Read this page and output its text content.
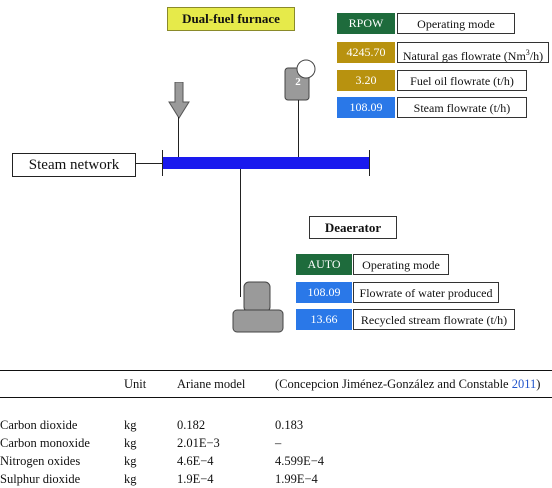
Dual-fuel furnace	RPOW	Operating mode
4245.70	Natural gas flowrate (Nm$^3$/h)
3.20	Fuel oil flowrate (t/h)
108.09	Steam flowrate (t/h)
2
Steam network
Deaerator
AUTO	Operating mode
108.09	Flowrate of water produced
13.66	Recycled stream flowrate (t/h)
	Unit	Ariane model	(Concepcion Jiménez-González and Constable 2011)

Carbon dioxide	kg	0.182	0.183
Carbon monoxide	kg	2.01E−3	–
Nitrogen oxides	kg	4.6E−4	4.599E−4
Sulphur dioxide	kg	1.9E−4	1.99E−4
